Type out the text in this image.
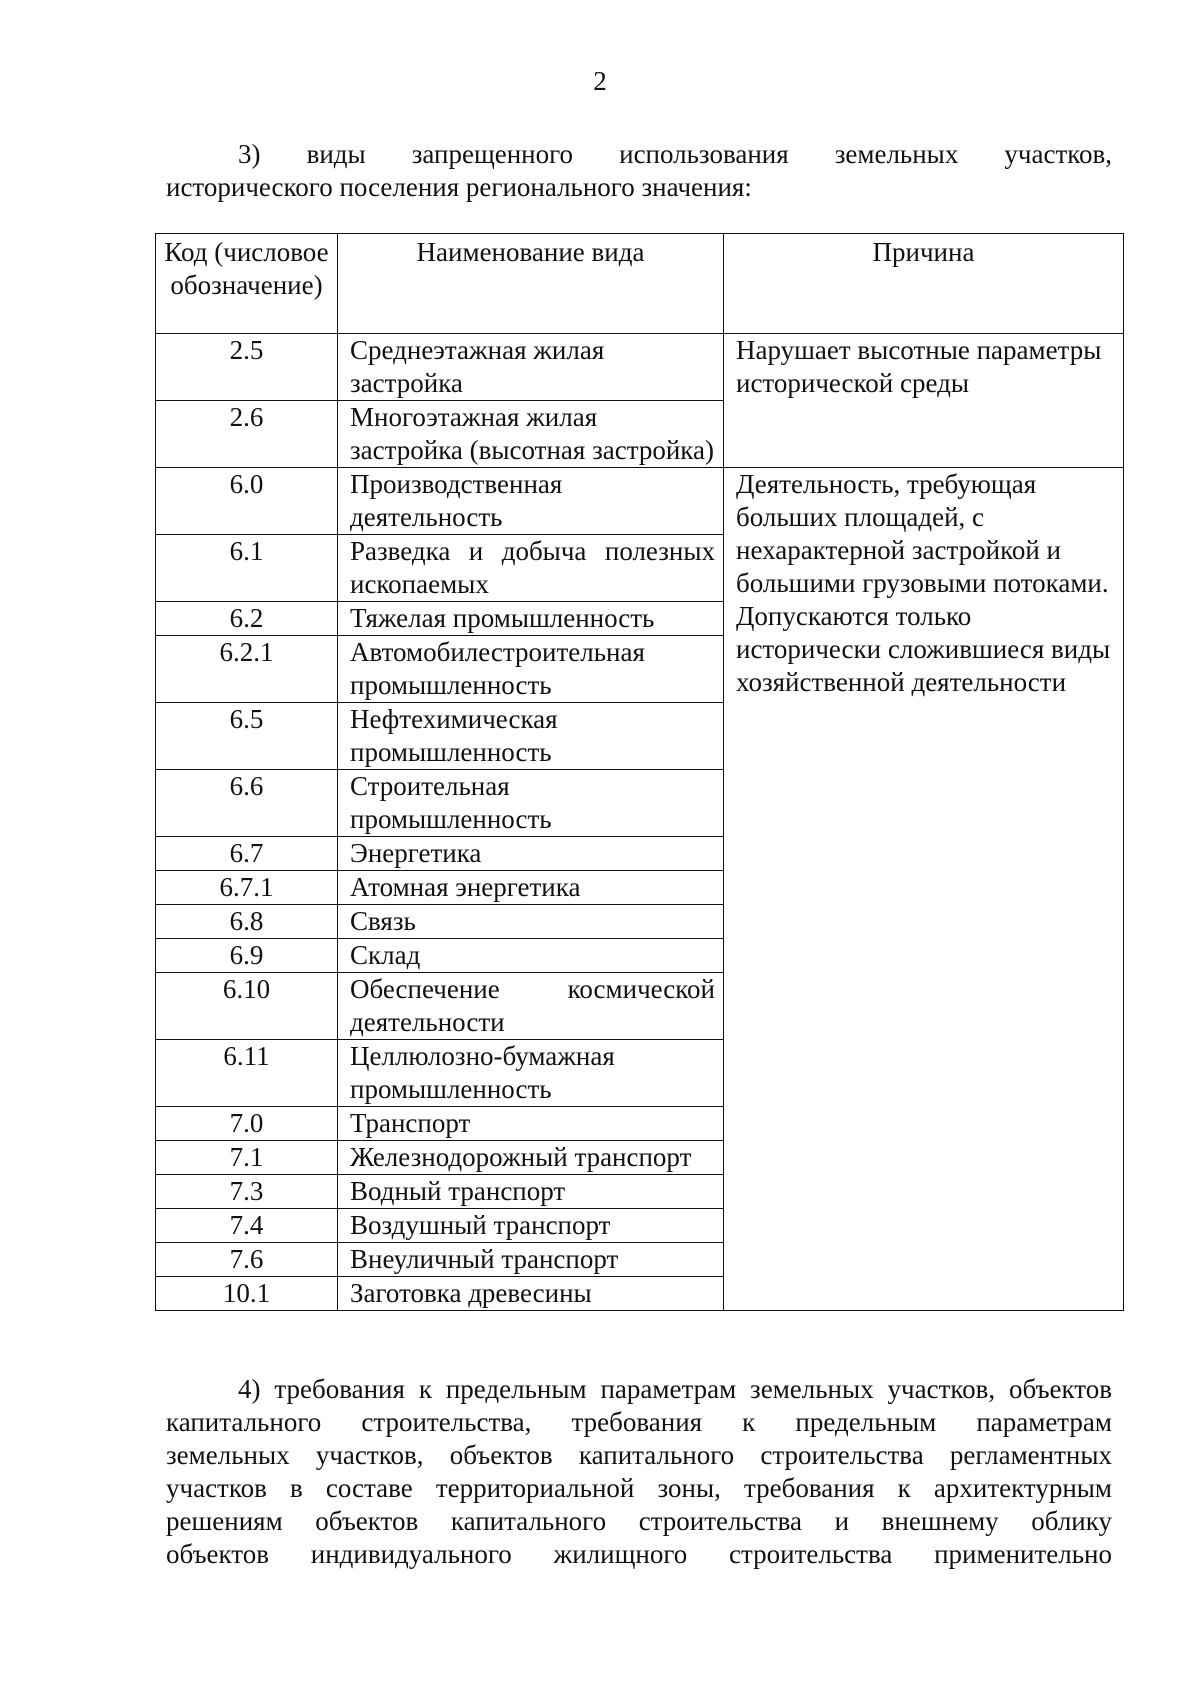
2
3) виды запрещенного использования земельных участков,
исторического поселения регионального значения:
Код (числовое обозначение)	Наименование вида	Причина
2.5	Среднеэтажная жилая застройка	Нарушает высотные параметры исторической среды
2.6	Многоэтажная жилая застройка (высотная застройка)	
6.0	Производственная деятельность	Деятельность, требующая больших площадей, с нехарактерной застройкой и большими грузовыми потоками. Допускаются только исторически сложившиеся виды хозяйственной деятельности
6.1	Разведка и добыча полезных ископаемых	
6.2	Тяжелая промышленность	
6.2.1	Автомобилестроительная промышленность	
6.5	Нефтехимическая промышленность	
6.6	Строительная промышленность	
6.7	Энергетика	
6.7.1	Атомная энергетика	
6.8	Связь	
6.9	Склад	
6.10	Обеспечение космической деятельности	
6.11	Целлюлозно-бумажная промышленность	
7.0	Транспорт	
7.1	Железнодорожный транспорт	
7.3	Водный транспорт	
7.4	Воздушный транспорт	
7.6	Внеуличный транспорт	
10.1	Заготовка древесины	
4) требования к предельным параметрам земельных участков, объектов
капитального строительства, требования к предельным параметрам
земельных участков, объектов капитального строительства регламентных
участков в составе территориальной зоны, требования к архитектурным
решениям объектов капитального строительства и внешнему облику
объектов индивидуального жилищного строительства применительно
